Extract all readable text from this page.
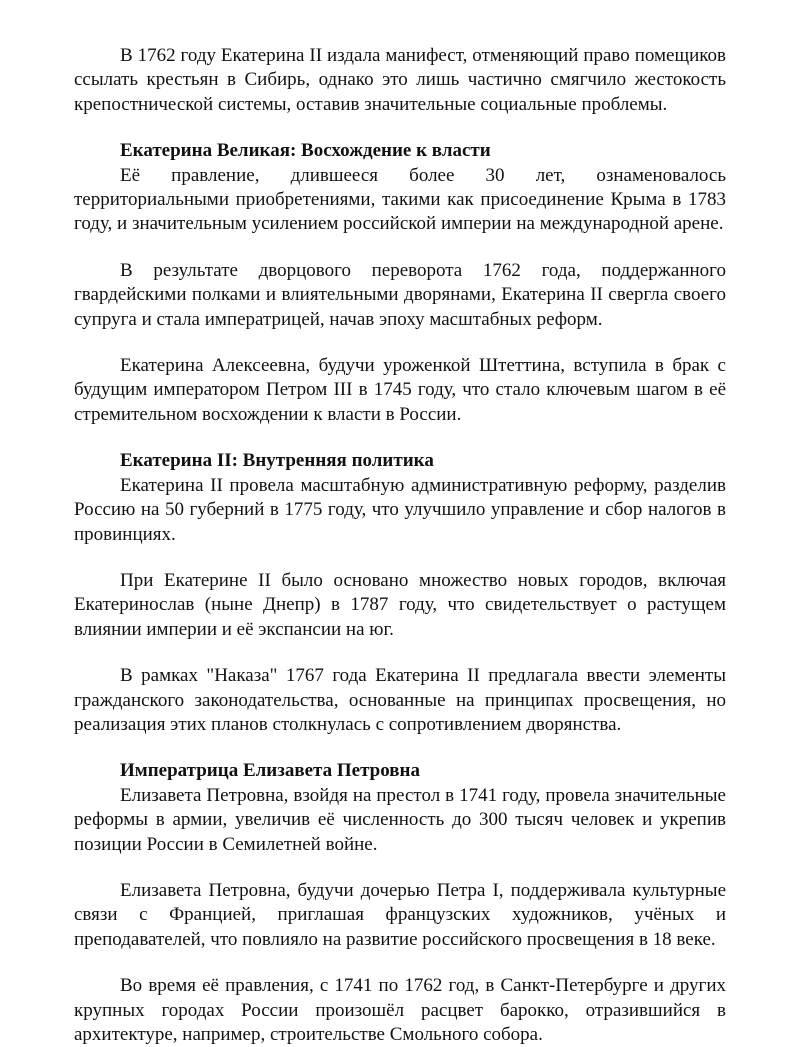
В 1762 году Екатерина II издала манифест, отменяющий право помещиков ссылать крестьян в Сибирь, однако это лишь частично смягчило жестокость крепостнической системы, оставив значительные социальные проблемы.

Екатерина Великая: Восхождение к власти

Её правление, длившееся более 30 лет, ознаменовалось территориальными приобретениями, такими как присоединение Крыма в 1783 году, и значительным усилением российской империи на международной арене.

В результате дворцового переворота 1762 года, поддержанного гвардейскими полками и влиятельными дворянами, Екатерина II свергла своего супруга и стала императрицей, начав эпоху масштабных реформ.

Екатерина Алексеевна, будучи уроженкой Штеттина, вступила в брак с будущим императором Петром III в 1745 году, что стало ключевым шагом в её стремительном восхождении к власти в России.

Екатерина II: Внутренняя политика

Екатерина II провела масштабную административную реформу, разделив Россию на 50 губерний в 1775 году, что улучшило управление и сбор налогов в провинциях.

При Екатерине II было основано множество новых городов, включая Екатеринослав (ныне Днепр) в 1787 году, что свидетельствует о растущем влиянии империи и её экспансии на юг.

В рамках "Наказа" 1767 года Екатерина II предлагала ввести элементы гражданского законодательства, основанные на принципах просвещения, но реализация этих планов столкнулась с сопротивлением дворянства.

Императрица Елизавета Петровна

Елизавета Петровна, взойдя на престол в 1741 году, провела значительные реформы в армии, увеличив её численность до 300 тысяч человек и укрепив позиции России в Семилетней войне.

Елизавета Петровна, будучи дочерью Петра I, поддерживала культурные связи с Францией, приглашая французских художников, учёных и преподавателей, что повлияло на развитие российского просвещения в 18 веке.

Во время её правления, с 1741 по 1762 год, в Санкт-Петербурге и других крупных городах России произошёл расцвет барокко, отразившийся в архитектуре, например, строительстве Смольного собора.
